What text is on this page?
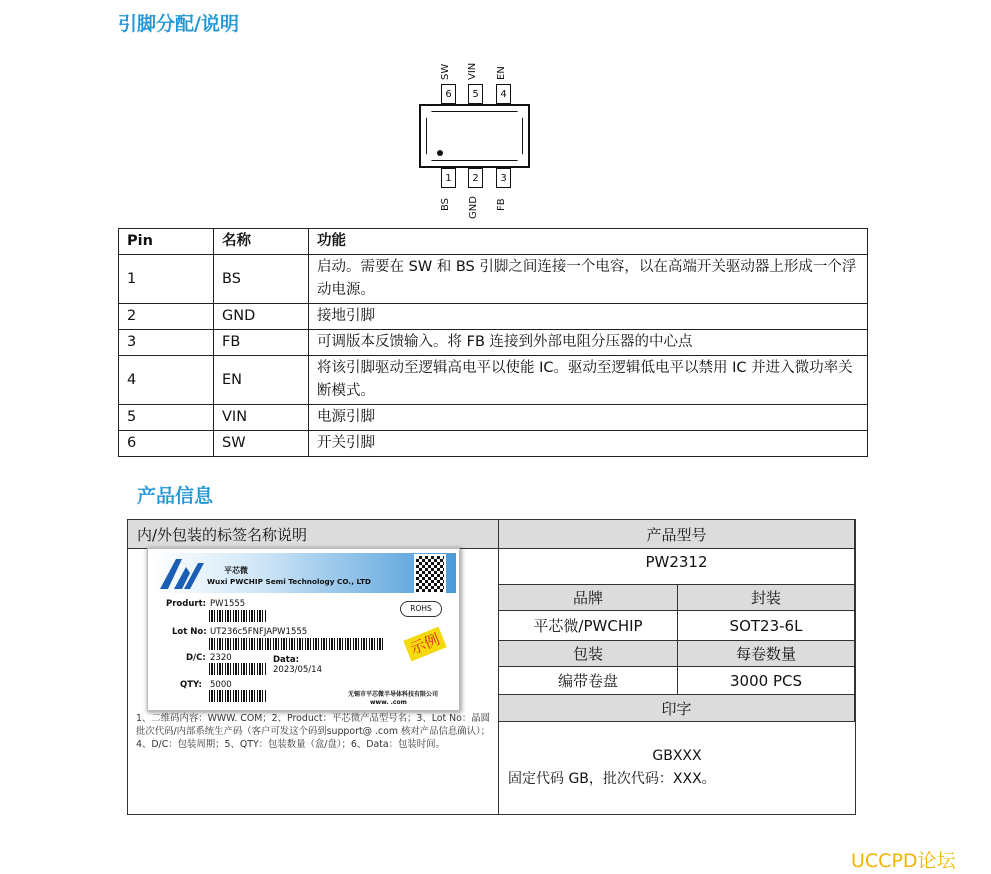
引脚分配/说明
SW VIN EN
6	5	4
1	2	3
BS GND FB
Pin	名称	功能
1	BS	启动。需要在 SW 和 BS 引脚之间连接一个电容，以在高端开关驱动器上形成一个浮动电源。
2	GND	接地引脚
3	FB	可调版本反馈输入。将 FB 连接到外部电阻分压器的中心点
4	EN	将该引脚驱动至逻辑高电平以使能 IC。驱动至逻辑低电平以禁用 IC 并进入微功率关断模式。
5	VIN	电源引脚
6	SW	开关引脚
产品信息
内/外包装的标签名称说明	产品型号
PW2312
品牌	封装
平芯微/PWCHIP	SOT23-6L
包装	每卷数量
编带卷盘	3000 PCS
印字
GBXXX
固定代码 GB，批次代码：XXX。
平芯微
Wuxi PWCHIP Semi Technology CO., LTD
Produrt: PW1555	ROHS
Lot No: UT236c5FNFJAPW1555	示例
D/C: 2320	Data:
2023/05/14
QTY: 5000
无锡市平芯微半导体科技有限公司
www. .com
1、二维码内容：WWW. COM；2、Product：平芯微产品型号名；3、Lot No：晶圆批次代码/内部系统生产码（客户可发这个码到support@ .com 核对产品信息确认）；4、D/C：包装周期；5、QTY：包装数量（盒/盘）；6、Data：包装时间。
UCCPD论坛
